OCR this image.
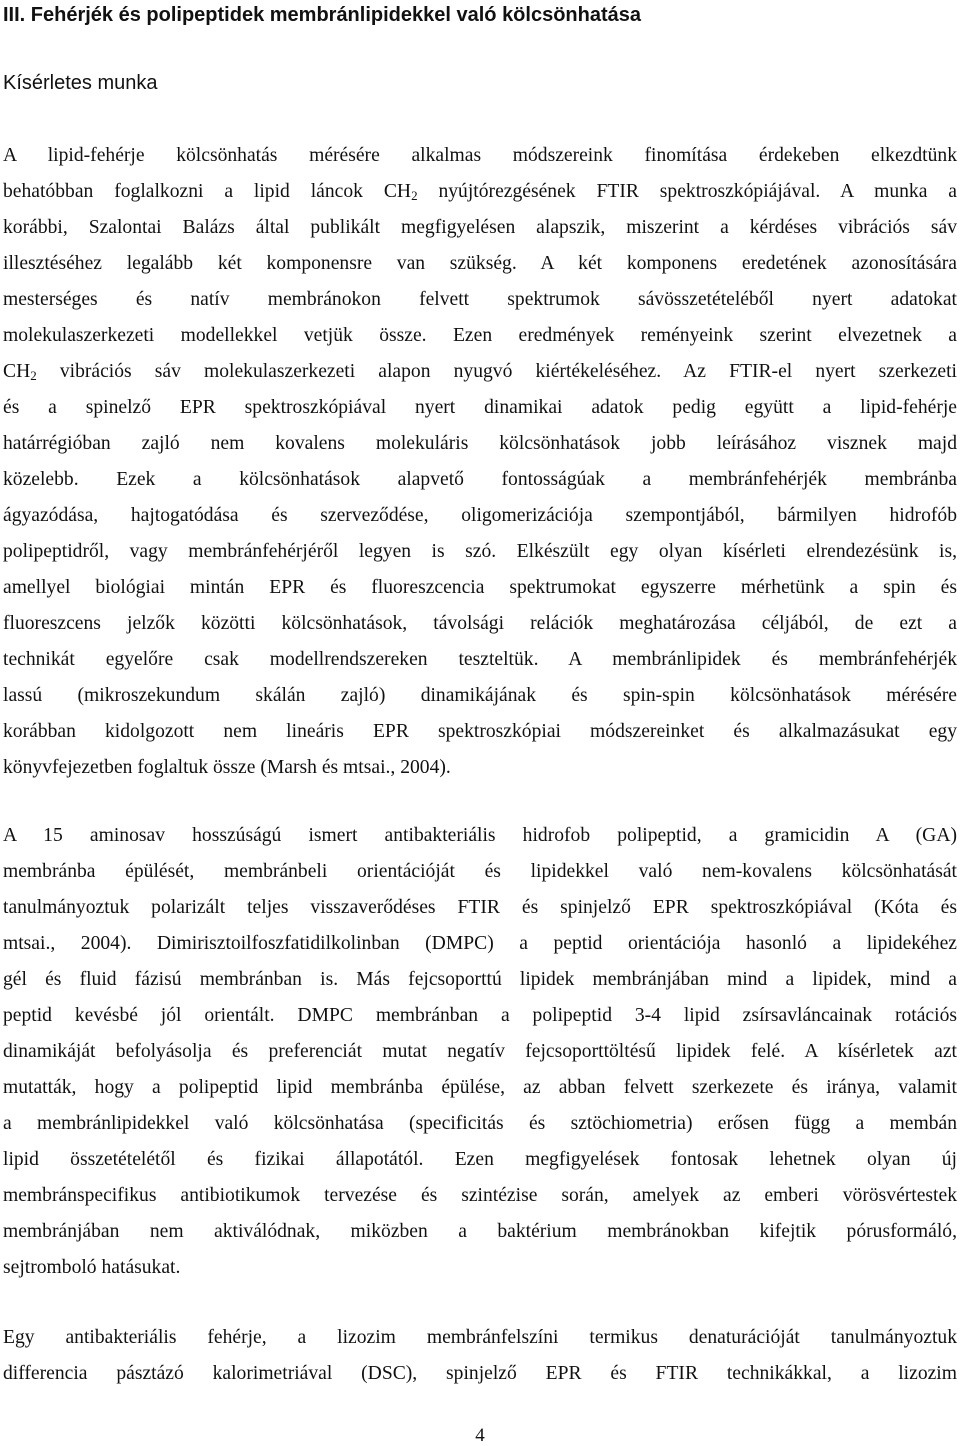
III. Fehérjék és polipeptidek membránlipidekkel való kölcsönhatása
Kísérletes munka
A lipid-fehérje kölcsönhatás mérésére alkalmas módszereink finomítása érdekeben elkezdtünk
behatóbban foglalkozni a lipid láncok $CH_2$ nyújtórezgésének FTIR spektroszkópiájával. A munka a
korábbi, Szalontai Balázs által publikált megfigyelésen alapszik, miszerint a kérdéses vibrációs sáv
illesztéséhez legalább két komponensre van szükség. A két komponens eredetének azonosítására
mesterséges és natív membránokon felvett spektrumok sávösszetételéből nyert adatokat
molekulaszerkezeti modellekkel vetjük össze. Ezen eredmények reményeink szerint elvezetnek a
$CH_2$ vibrációs sáv molekulaszerkezeti alapon nyugvó kiértékeléséhez. Az FTIR-el nyert szerkezeti
és a spinelző EPR spektroszkópiával nyert dinamikai adatok pedig együtt a lipid-fehérje
határrégióban zajló nem kovalens molekuláris kölcsönhatások jobb leírásához visznek majd
közelebb. Ezek a kölcsönhatások alapvető fontosságúak a membránfehérjék membránba
ágyazódása, hajtogatódása és szerveződése, oligomerizációja szempontjából, bármilyen hidrofób
polipeptidről, vagy membránfehérjéről legyen is szó. Elkészült egy olyan kísérleti elrendezésünk is,
amellyel biológiai mintán EPR és fluoreszcencia spektrumokat egyszerre mérhetünk a spin és
fluoreszcens jelzők közötti kölcsönhatások, távolsági relációk meghatározása céljából, de ezt a
technikát egyelőre csak modellrendszereken teszteltük. A membránlipidek és membránfehérjék
lassú (mikroszekundum skálán zajló) dinamikájának és spin-spin kölcsönhatások mérésére
korábban kidolgozott nem lineáris EPR spektroszkópiai módszereinket és alkalmazásukat egy
könyvfejezetben foglaltuk össze (Marsh és mtsai., 2004).
A 15 aminosav hosszúságú ismert antibakteriális hidrofob polipeptid, a gramicidin A (GA)
membránba épülését, membránbeli orientációját és lipidekkel való nem-kovalens kölcsönhatását
tanulmányoztuk polarizált teljes visszaverődéses FTIR és spinjelző EPR spektroszkópiával (Kóta és
mtsai., 2004). Dimirisztoilfoszfatidilkolinban (DMPC) a peptid orientációja hasonló a lipidekéhez
gél és fluid fázisú membránban is. Más fejcsoporttú lipidek membránjában mind a lipidek, mind a
peptid kevésbé jól orientált. DMPC membránban a polipeptid 3-4 lipid zsírsavláncainak rotációs
dinamikáját befolyásolja és preferenciát mutat negatív fejcsoporttöltésű lipidek felé. A kísérletek azt
mutatták, hogy a polipeptid lipid membránba épülése, az abban felvett szerkezete és iránya, valamit
a membránlipidekkel való kölcsönhatása (specificitás és sztöchiometria) erősen függ a membán
lipid összetételétől és fizikai állapotától. Ezen megfigyelések fontosak lehetnek olyan új
membránspecifikus antibiotikumok tervezése és szintézise során, amelyek az emberi vörösvértestek
membránjában nem aktiválódnak, miközben a baktérium membránokban kifejtik pórusformáló,
sejtromboló hatásukat.
Egy antibakteriális fehérje, a lizozim membránfelszíni termikus denaturációját tanulmányoztuk
differencia pásztázó kalorimetriával (DSC), spinjelző EPR és FTIR technikákkal, a lizozim
4
